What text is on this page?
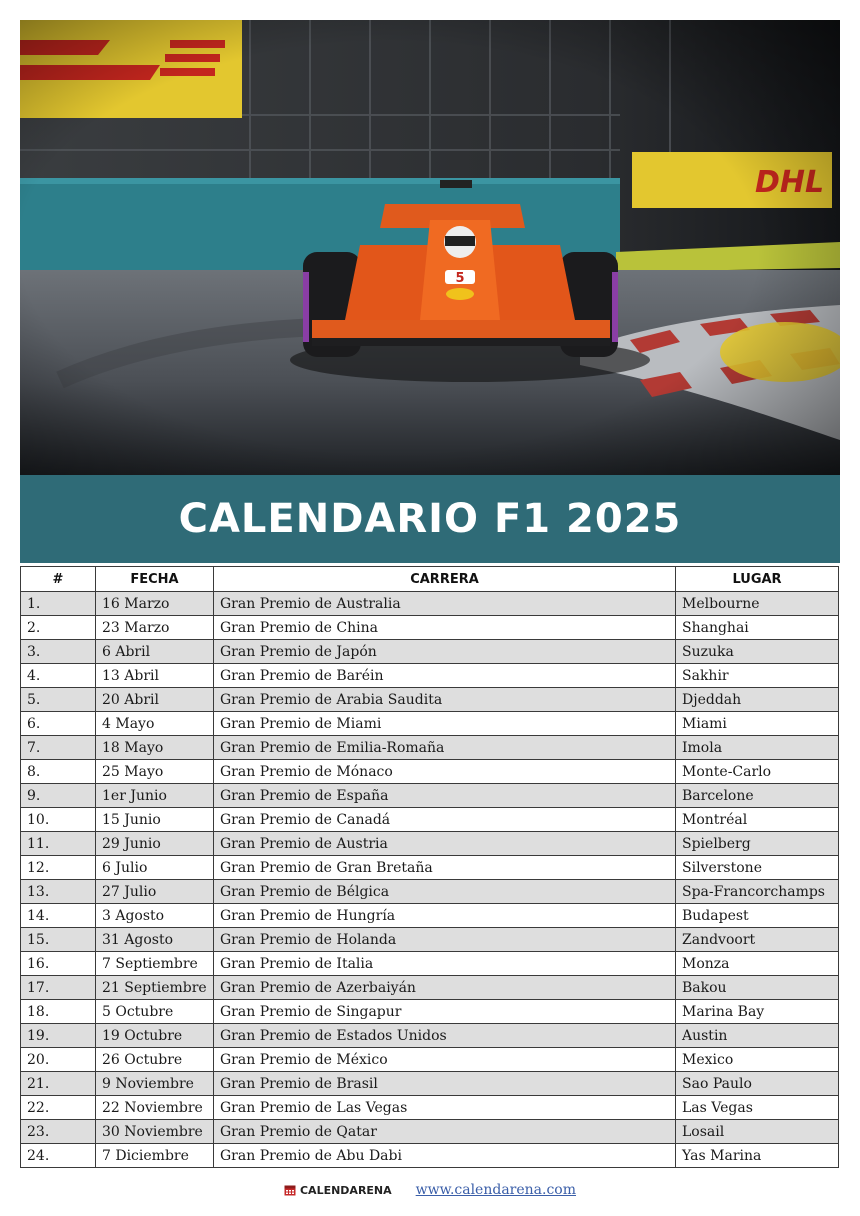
CALENDARIO F1 2025
#	FECHA	CARRERA	LUGAR
1.	16 Marzo	Gran Premio de Australia	Melbourne
2.	23 Marzo	Gran Premio de China	Shanghai
3.	6 Abril	Gran Premio de Japón	Suzuka
4.	13 Abril	Gran Premio de Baréin	Sakhir
5.	20 Abril	Gran Premio de Arabia Saudita	Djeddah
6.	4 Mayo	Gran Premio de Miami	Miami
7.	18 Mayo	Gran Premio de Emilia-Romaña	Imola
8.	25 Mayo	Gran Premio de Mónaco	Monte-Carlo
9.	1er Junio	Gran Premio de España	Barcelone
10.	15 Junio	Gran Premio de Canadá	Montréal
11.	29 Junio	Gran Premio de Austria	Spielberg
12.	6 Julio	Gran Premio de Gran Bretaña	Silverstone
13.	27 Julio	Gran Premio de Bélgica	Spa-Francorchamps
14.	3 Agosto	Gran Premio de Hungría	Budapest
15.	31 Agosto	Gran Premio de Holanda	Zandvoort
16.	7 Septiembre	Gran Premio de Italia	Monza
17.	21 Septiembre	Gran Premio de Azerbaiyán	Bakou
18.	5 Octubre	Gran Premio de Singapur	Marina Bay
19.	19 Octubre	Gran Premio de Estados Unidos	Austin
20.	26 Octubre	Gran Premio de México	Mexico
21.	9 Noviembre	Gran Premio de Brasil	Sao Paulo
22.	22 Noviembre	Gran Premio de Las Vegas	Las Vegas
23.	30 Noviembre	Gran Premio de Qatar	Losail
24.	7 Diciembre	Gran Premio de Abu Dabi	Yas Marina
CALENDARENA www.calendarena.com
